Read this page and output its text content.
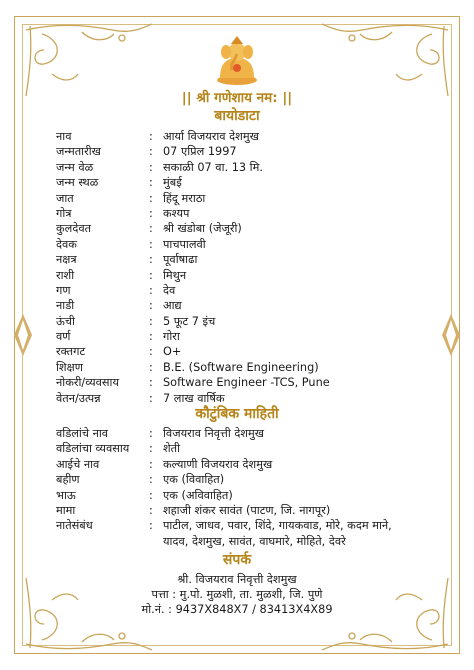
|| श्री गणेशाय नम: ||
बायोडाटा
नाव	: आर्या विजयराव देशमुख
जन्मतारीख	: 07 एप्रिल 1997
जन्म वेळ	: सकाळी 07 वा. 13 मि.
जन्म स्थळ	: मुंबई
जात	: हिंदू मराठा
गोत्र	: कश्यप
कुलदेवत	: श्री खंडोबा (जेजूरी)
देवक	: पाचपालवी
नक्षत्र	: पूर्वाषाढा
राशी	: मिथुन
गण	: देव
नाडी	: आद्य
ऊंची	: 5 फूट 7 इंच
वर्ण	: गोरा
रक्तगट	: O+
शिक्षण	: B.E. (Software Engineering)
नोकरी/व्यवसाय	: Software Engineer -TCS, Pune
वेतन/उत्पन्न	: 7 लाख वार्षिक
कौटुंबिक माहिती
वडिलांचे नाव	: विजयराव निवृत्ती देशमुख
वडिलांचा व्यवसाय	: शेती
आईचे नाव	: कल्याणी विजयराव देशमुख
बहीण	: एक (विवाहित)
भाऊ	: एक (अविवाहित)
मामा	: शहाजी शंकर सावंत (पाटण, जि. नागपूर)
नातेसंबंध	: पाटील, जाधव, पवार, शिंदे, गायकवाड, मोरे, कदम माने, यादव, देशमुख, सावंत, वाघमारे, मोहिते, देवरे
संपर्क
श्री. विजयराव निवृत्ती देशमुख
पत्ता : मु.पो. मुळशी, ता. मुळशी, जि. पुणे
मो.नं. : 9437X848X7 / 83413X4X89
